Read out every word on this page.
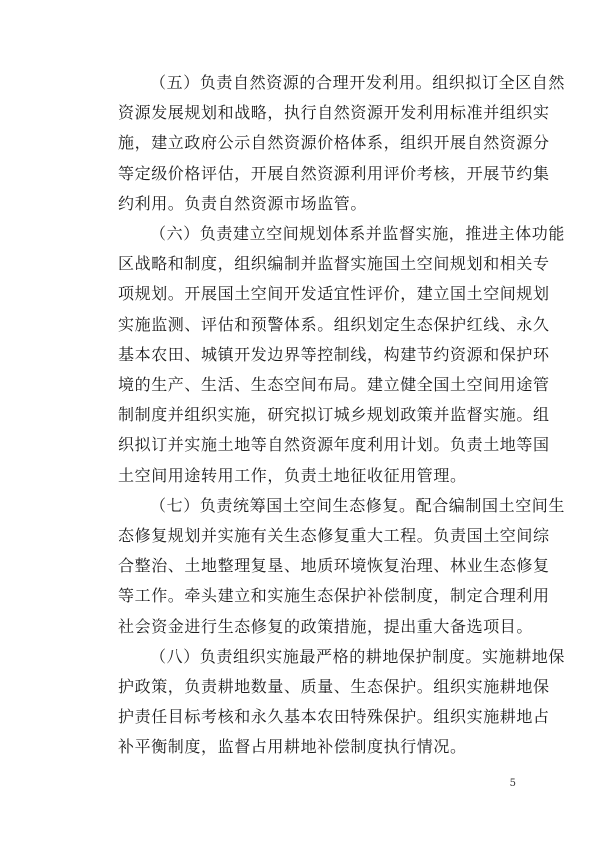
（五）负责自然资源的合理开发利用。组织拟订全区自然
资源发展规划和战略，执行自然资源开发利用标准并组织实
施，建立政府公示自然资源价格体系，组织开展自然资源分
等定级价格评估，开展自然资源利用评价考核，开展节约集
约利用。负责自然资源市场监管。

（六）负责建立空间规划体系并监督实施，推进主体功能
区战略和制度，组织编制并监督实施国土空间规划和相关专
项规划。开展国土空间开发适宜性评价，建立国土空间规划
实施监测、评估和预警体系。组织划定生态保护红线、永久
基本农田、城镇开发边界等控制线，构建节约资源和保护环
境的生产、生活、生态空间布局。建立健全国土空间用途管
制制度并组织实施，研究拟订城乡规划政策并监督实施。组
织拟订并实施土地等自然资源年度利用计划。负责土地等国
土空间用途转用工作，负责土地征收征用管理。

（七）负责统筹国土空间生态修复。配合编制国土空间生
态修复规划并实施有关生态修复重大工程。负责国土空间综
合整治、土地整理复垦、地质环境恢复治理、林业生态修复
等工作。牵头建立和实施生态保护补偿制度，制定合理利用
社会资金进行生态修复的政策措施，提出重大备选项目。

（八）负责组织实施最严格的耕地保护制度。实施耕地保
护政策，负责耕地数量、质量、生态保护。组织实施耕地保
护责任目标考核和永久基本农田特殊保护。组织实施耕地占
补平衡制度，监督占用耕地补偿制度执行情况。

5
